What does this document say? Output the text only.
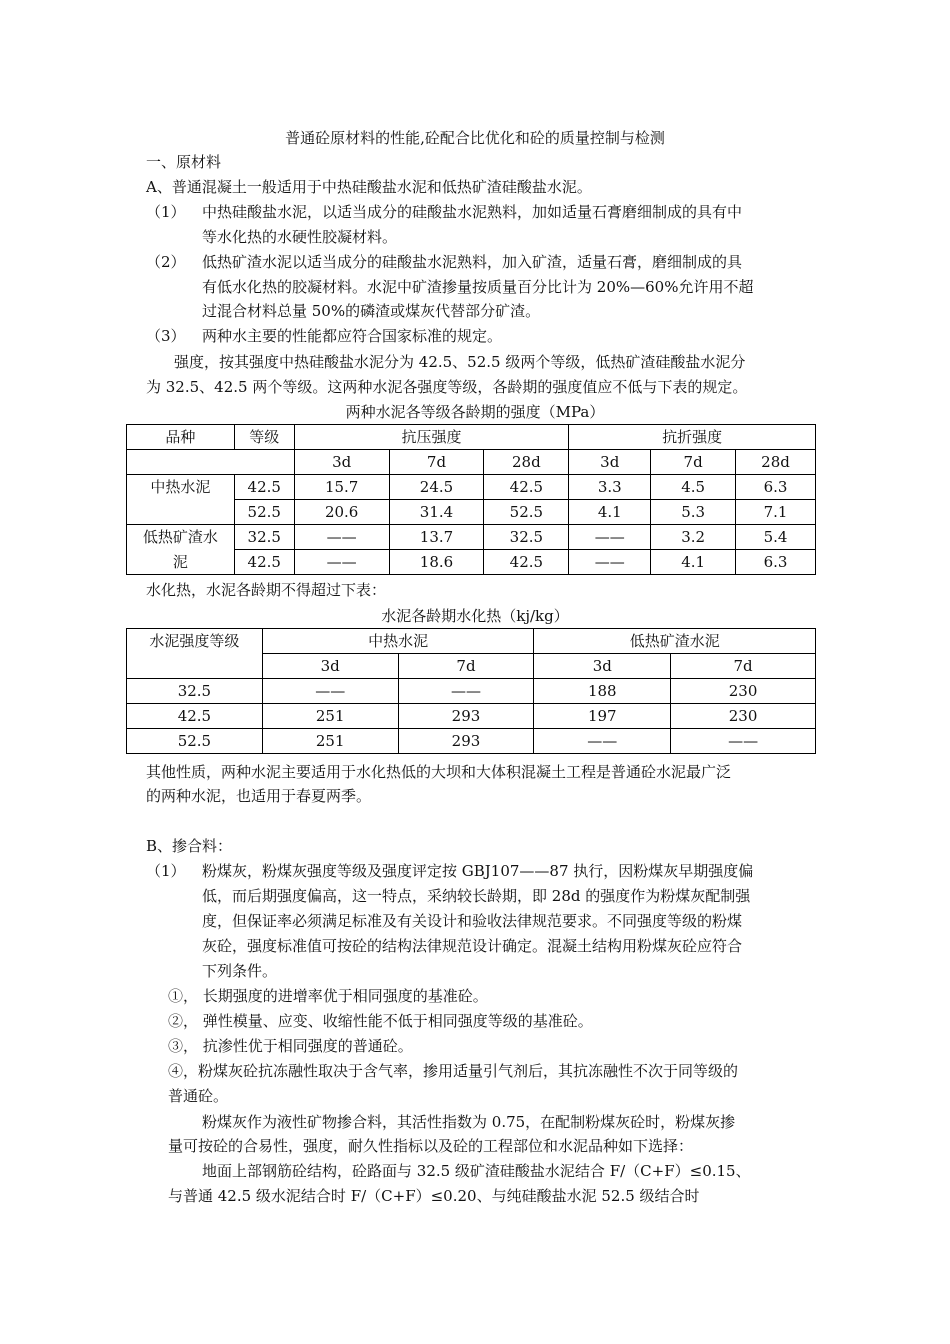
普通砼原材料的性能,砼配合比优化和砼的质量控制与检测
一、原材料
A、普通混凝土一般适用于中热硅酸盐水泥和低热矿渣硅酸盐水泥。
（1） 中热硅酸盐水泥，以适当成分的硅酸盐水泥熟料，加如适量石膏磨细制成的具有中
等水化热的水硬性胶凝材料。
（2） 低热矿渣水泥以适当成分的硅酸盐水泥熟料，加入矿渣，适量石膏，磨细制成的具
有低水化热的胶凝材料。水泥中矿渣掺量按质量百分比计为 20%—60%允许用不超
过混合材料总量 50%的磷渣或煤灰代替部分矿渣。
（3） 两种水主要的性能都应符合国家标准的规定。
强度，按其强度中热硅酸盐水泥分为 42.5、52.5 级两个等级，低热矿渣硅酸盐水泥分
为 32.5、42.5 两个等级。这两种水泥各强度等级，各龄期的强度值应不低与下表的规定。
两种水泥各等级各龄期的强度（MPa）
品种	等级	抗压强度			抗折强度		
		3d	7d	28d	3d	7d	28d
中热水泥	42.5	15.7	24.5	42.5	3.3	4.5	6.3
	52.5	20.6	31.4	52.5	4.1	5.3	7.1
低热矿渣水	32.5	——	13.7	32.5	——	3.2	5.4
泥	42.5	——	18.6	42.5	——	4.1	6.3
水化热，水泥各龄期不得超过下表：
水泥各龄期水化热（kj/kg）
水泥强度等级	中热水泥		低热矿渣水泥	
	3d	7d	3d	7d
32.5	——	——	188	230
42.5	251	293	197	230
52.5	251	293	——	——
其他性质，两种水泥主要适用于水化热低的大坝和大体积混凝土工程是普通砼水泥最广泛
的两种水泥，也适用于春夏两季。
B、掺合料：
（1） 粉煤灰，粉煤灰强度等级及强度评定按 GBJ107——87 执行，因粉煤灰早期强度偏
低，而后期强度偏高，这一特点，采纳较长龄期，即 28d 的强度作为粉煤灰配制强
度，但保证率必须满足标准及有关设计和验收法律规范要求。不同强度等级的粉煤
灰砼，强度标准值可按砼的结构法律规范设计确定。混凝土结构用粉煤灰砼应符合
下列条件。
①， 长期强度的进增率优于相同强度的基准砼。
②， 弹性模量、应变、收缩性能不低于相同强度等级的基准砼。
③， 抗渗性优于相同强度的普通砼。
④，粉煤灰砼抗冻融性取决于含气率，掺用适量引气剂后，其抗冻融性不次于同等级的
普通砼。
粉煤灰作为液性矿物掺合料，其活性指数为 0.75，在配制粉煤灰砼时，粉煤灰掺
量可按砼的合易性，强度，耐久性指标以及砼的工程部位和水泥品种如下选择：
地面上部钢筋砼结构，砼路面与 32.5 级矿渣硅酸盐水泥结合 F/（C+F）≤0.15、
与普通 42.5 级水泥结合时 F/（C+F）≤0.20、与纯硅酸盐水泥 52.5 级结合时
